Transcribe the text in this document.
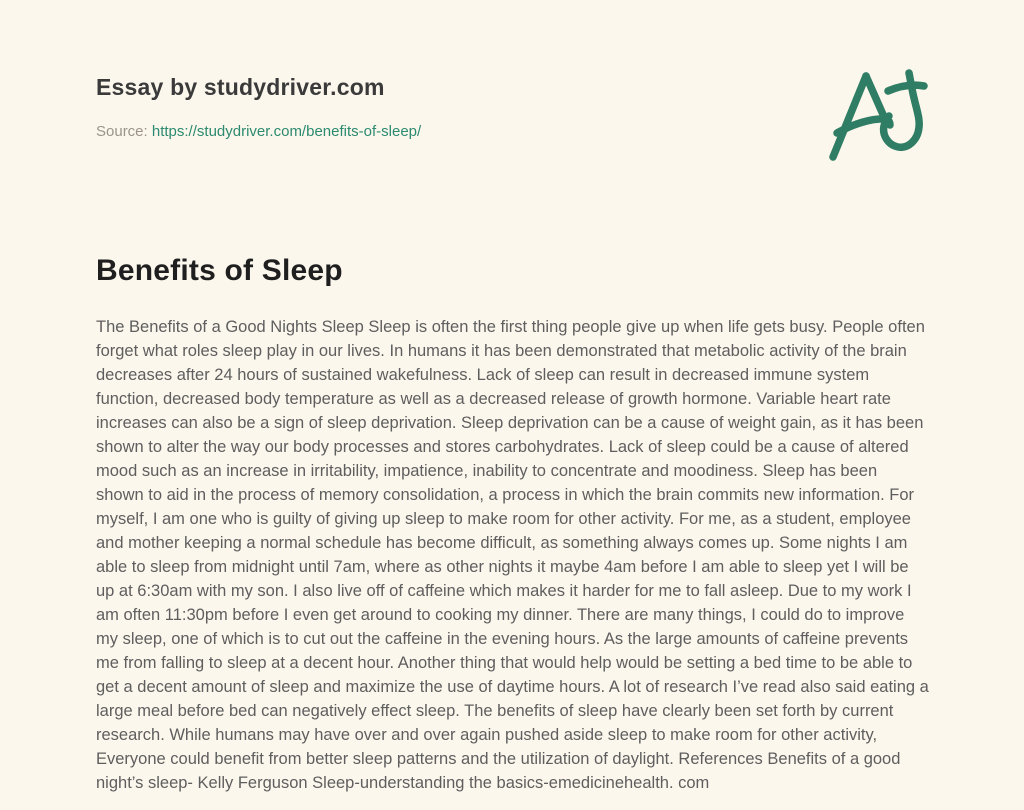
Essay by studydriver.com
Source: https://studydriver.com/benefits-of-sleep/
Benefits of Sleep
The Benefits of a Good Nights Sleep Sleep is often the first thing people give up when life gets busy. People often forget what roles sleep play in our lives. In humans it has been demonstrated that metabolic activity of the brain decreases after 24 hours of sustained wakefulness. Lack of sleep can result in decreased immune system function, decreased body temperature as well as a decreased release of growth hormone. Variable heart rate increases can also be a sign of sleep deprivation. Sleep deprivation can be a cause of weight gain, as it has been shown to alter the way our body processes and stores carbohydrates. Lack of sleep could be a cause of altered mood such as an increase in irritability, impatience, inability to concentrate and moodiness. Sleep has been shown to aid in the process of memory consolidation, a process in which the brain commits new information. For myself, I am one who is guilty of giving up sleep to make room for other activity. For me, as a student, employee and mother keeping a normal schedule has become difficult, as something always comes up. Some nights I am able to sleep from midnight until 7am, where as other nights it maybe 4am before I am able to sleep yet I will be up at 6:30am with my son. I also live off of caffeine which makes it harder for me to fall asleep. Due to my work I am often 11:30pm before I even get around to cooking my dinner. There are many things, I could do to improve my sleep, one of which is to cut out the caffeine in the evening hours. As the large amounts of caffeine prevents me from falling to sleep at a decent hour. Another thing that would help would be setting a bed time to be able to get a decent amount of sleep and maximize the use of daytime hours. A lot of research I’ve read also said eating a large meal before bed can negatively effect sleep. The benefits of sleep have clearly been set forth by current research. While humans may have over and over again pushed aside sleep to make room for other activity, Everyone could benefit from better sleep patterns and the utilization of daylight. References Benefits of a good night’s sleep- Kelly Ferguson Sleep-understanding the basics-emedicinehealth. com
